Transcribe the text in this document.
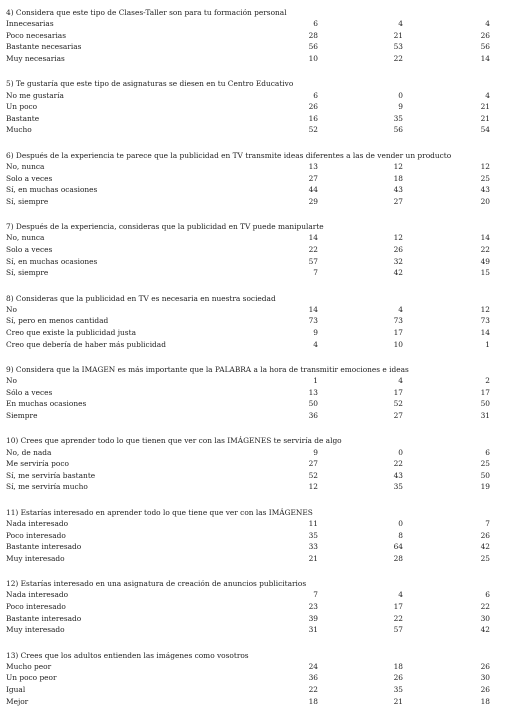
4) Considera que este tipo de Clases-Taller son para tu formación personal
Innecesarias	6	4	4
Poco necesarias	28	21	26
Bastante necesarias	56	53	56
Muy necesarias	10	22	14
5) Te gustaría que este tipo de asignaturas se diesen en tu Centro Educativo
No me gustaría	6	0	4
Un poco	26	9	21
Bastante	16	35	21
Mucho	52	56	54
6) Después de la experiencia te parece que la publicidad en TV transmite ideas diferentes a las de vender un producto
No, nunca	13	12	12
Solo a veces	27	18	25
Sí, en muchas ocasiones	44	43	43
Sí, siempre	29	27	20
7) Después de la experiencia, consideras que la publicidad en TV puede manipularte
No, nunca	14	12	14
Solo a veces	22	26	22
Sí, en muchas ocasiones	57	32	49
Sí, siempre	7	42	15
8) Consideras que la publicidad en TV es necesaria en nuestra sociedad
No	14	4	12
Sí, pero en menos cantidad	73	73	73
Creo que existe la publicidad justa	9	17	14
Creo que debería de haber más publicidad	4	10	1
9) Considera que la IMAGEN es más importante que la PALABRA a la hora de transmitir emociones e ideas
No	1	4	2
Sólo a veces	13	17	17
En muchas ocasiones	50	52	50
Siempre	36	27	31
10) Crees que aprender todo lo que tienen que ver con las IMÁGENES te serviría de algo
No, de nada	9	0	6
Me serviría poco	27	22	25
Sí, me serviría bastante	52	43	50
Sí, me serviría mucho	12	35	19
11) Estarías interesado en aprender todo lo que tiene que ver con las IMÁGENES
Nada interesado	11	0	7
Poco interesado	35	8	26
Bastante interesado	33	64	42
Muy interesado	21	28	25
12) Estarías interesado en una asignatura de creación de anuncios publicitarios
Nada interesado	7	4	6
Poco interesado	23	17	22
Bastante interesado	39	22	30
Muy interesado	31	57	42
13) Crees que los adultos entienden las imágenes como vosotros
Mucho peor	24	18	26
Un poco peor	36	26	30
Igual	22	35	26
Mejor	18	21	18
